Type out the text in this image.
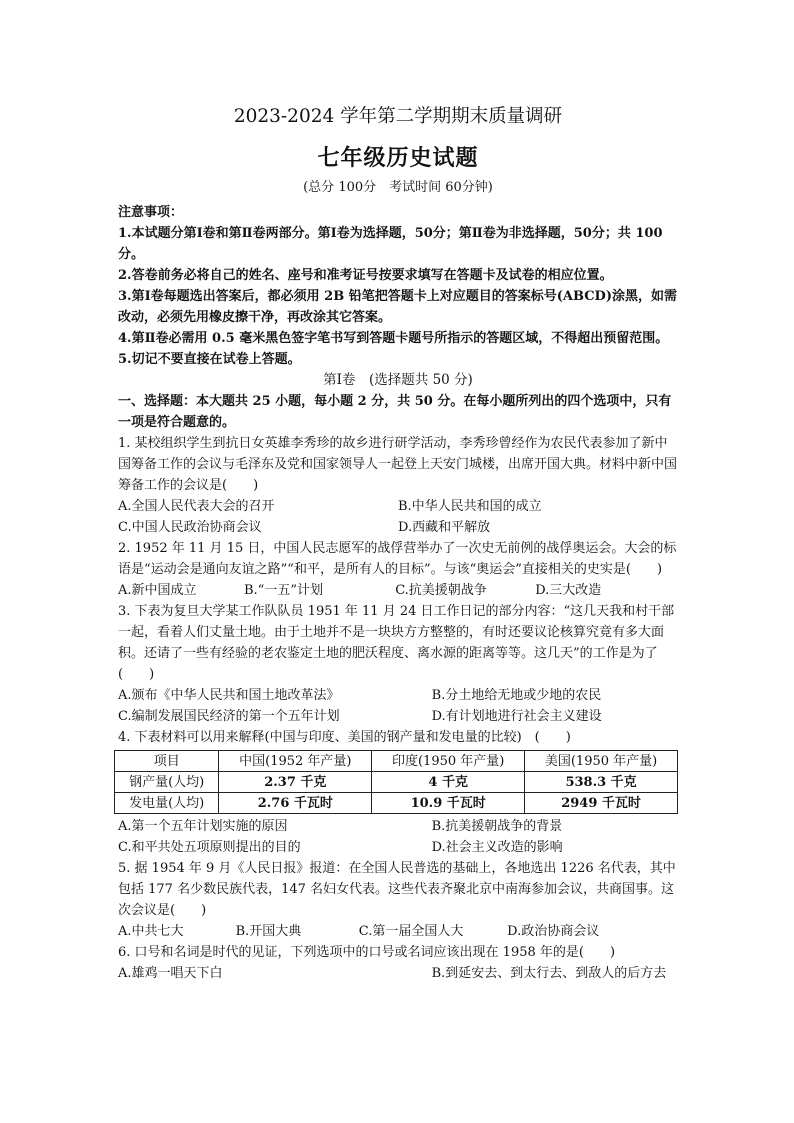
2023-2024 学年第二学期期末质量调研
七年级历史试题

(总分 100分　考试时间 60分钟)

注意事项：

1.本试题分第Ⅰ卷和第Ⅱ卷两部分。第Ⅰ卷为选择题，50分；第Ⅱ卷为非选择题，50分；共 100分。

2.答卷前务必将自己的姓名、座号和准考证号按要求填写在答题卡及试卷的相应位置。

3.第Ⅰ卷每题选出答案后，都必须用 2B 铅笔把答题卡上对应题目的答案标号(ABCD)涂黑，如需改动，必须先用橡皮擦干净，再改涂其它答案。

4.第Ⅱ卷必需用 0.5 毫米黑色签字笔书写到答题卡题号所指示的答题区域，不得超出预留范围。

5.切记不要直接在试卷上答题。

第Ⅰ卷　(选择题共 50 分)

一、选择题：本大题共 25 小题，每小题 2 分，共 50 分。在每小题所列出的四个选项中，只有一项是符合题意的。

1. 某校组织学生到抗日女英雄李秀珍的故乡进行研学活动，李秀珍曾经作为农民代表参加了新中国筹备工作的会议与毛泽东及党和国家领导人一起登上天安门城楼，出席开国大典。材料中新中国筹备工作的会议是(　　)

A.全国人民代表大会的召开	B.中华人民共和国的成立
C.中国人民政治协商会议	D.西藏和平解放

2. 1952 年 11 月 15 日，中国人民志愿军的战俘营举办了一次史无前例的战俘奥运会。大会的标语是“运动会是通向友谊之路”“和平，是所有人的目标”。与该“奥运会”直接相关的史实是(　　)

A.新中国成立	B.“一五”计划	C.抗美援朝战争	D.三大改造

3. 下表为复旦大学某工作队队员 1951 年 11 月 24 日工作日记的部分内容：“这几天我和村干部一起，看着人们丈量土地。由于土地并不是一块块方方整整的，有时还要议论核算究竟有多大面积。还请了一些有经验的老农鉴定土地的肥沃程度、离水源的距离等等。这几天”的工作是为了(　　)

A.颁布《中华人民共和国土地改革法》	B.分土地给无地或少地的农民
C.编制发展国民经济的第一个五年计划	D.有计划地进行社会主义建设

4. 下表材料可以用来解释(中国与印度、美国的钢产量和发电量的比较)　(　　)

项目	中国(1952 年产量)	印度(1950 年产量)	美国(1950 年产量)
钢产量(人均)	2.37 千克	4 千克	538.3 千克
发电量(人均)	2.76 千瓦时	10.9 千瓦时	2949 千瓦时
A.第一个五年计划实施的原因	B.抗美援朝战争的背景
C.和平共处五项原则提出的目的	D.社会主义改造的影响

5. 据 1954 年 9 月《人民日报》报道：在全国人民普选的基础上，各地选出 1226 名代表，其中包括 177 名少数民族代表，147 名妇女代表。这些代表齐聚北京中南海参加会议，共商国事。这次会议是(　　)

A.中共七大	B.开国大典	C.第一届全国人大	D.政治协商会议

6. 口号和名词是时代的见证，下列选项中的口号或名词应该出现在 1958 年的是(　　)

A.雄鸡一唱天下白	B.到延安去、到太行去、到敌人的后方去
